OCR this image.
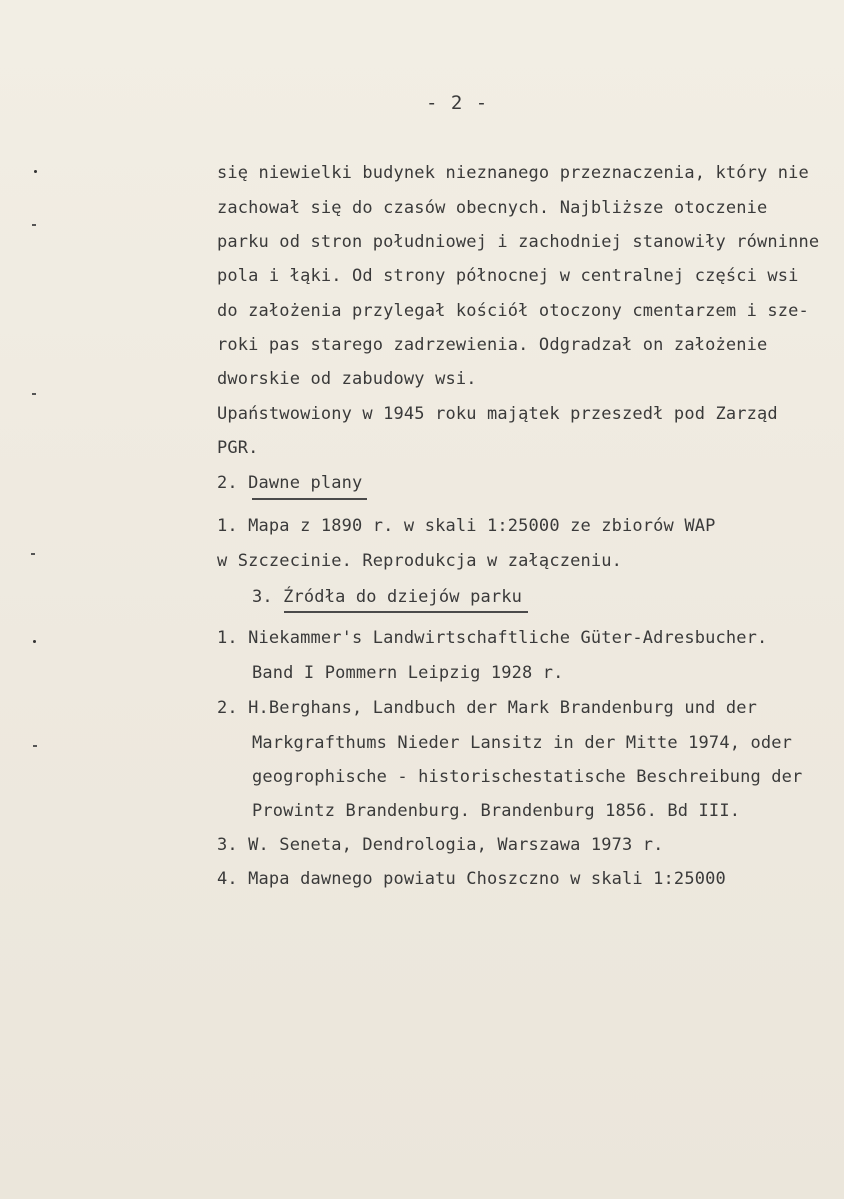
- 2 -
się niewielki budynek nieznanego przeznaczenia, który nie
zachował się do czasów obecnych. Najbliższe otoczenie
parku od stron południowej i zachodniej stanowiły równinne
pola i łąki. Od strony północnej w centralnej części wsi
do założenia przylegał kościół otoczony cmentarzem i sze-
roki pas starego zadrzewienia. Odgradzał on założenie
dworskie od zabudowy wsi.
Upaństwowiony w 1945 roku majątek przeszedł pod Zarząd
PGR.
2. Dawne plany
1. Mapa z 1890 r. w skali 1:25000 ze zbiorów WAP
w Szczecinie. Reprodukcja w załączeniu.
3. Źródła do dziejów parku
1. Niekammer's Landwirtschaftliche Güter-Adresbucher.
Band I Pommern Leipzig 1928 r.
2. H.Berghans, Landbuch der Mark Brandenburg und der
Markgrafthums Nieder Lansitz in der Mitte 1974, oder
geogrophische - historischestatische Beschreibung der
Prowintz Brandenburg. Brandenburg 1856. Bd III.
3. W. Seneta, Dendrologia, Warszawa 1973 r.
4. Mapa dawnego powiatu Choszczno w skali 1:25000
